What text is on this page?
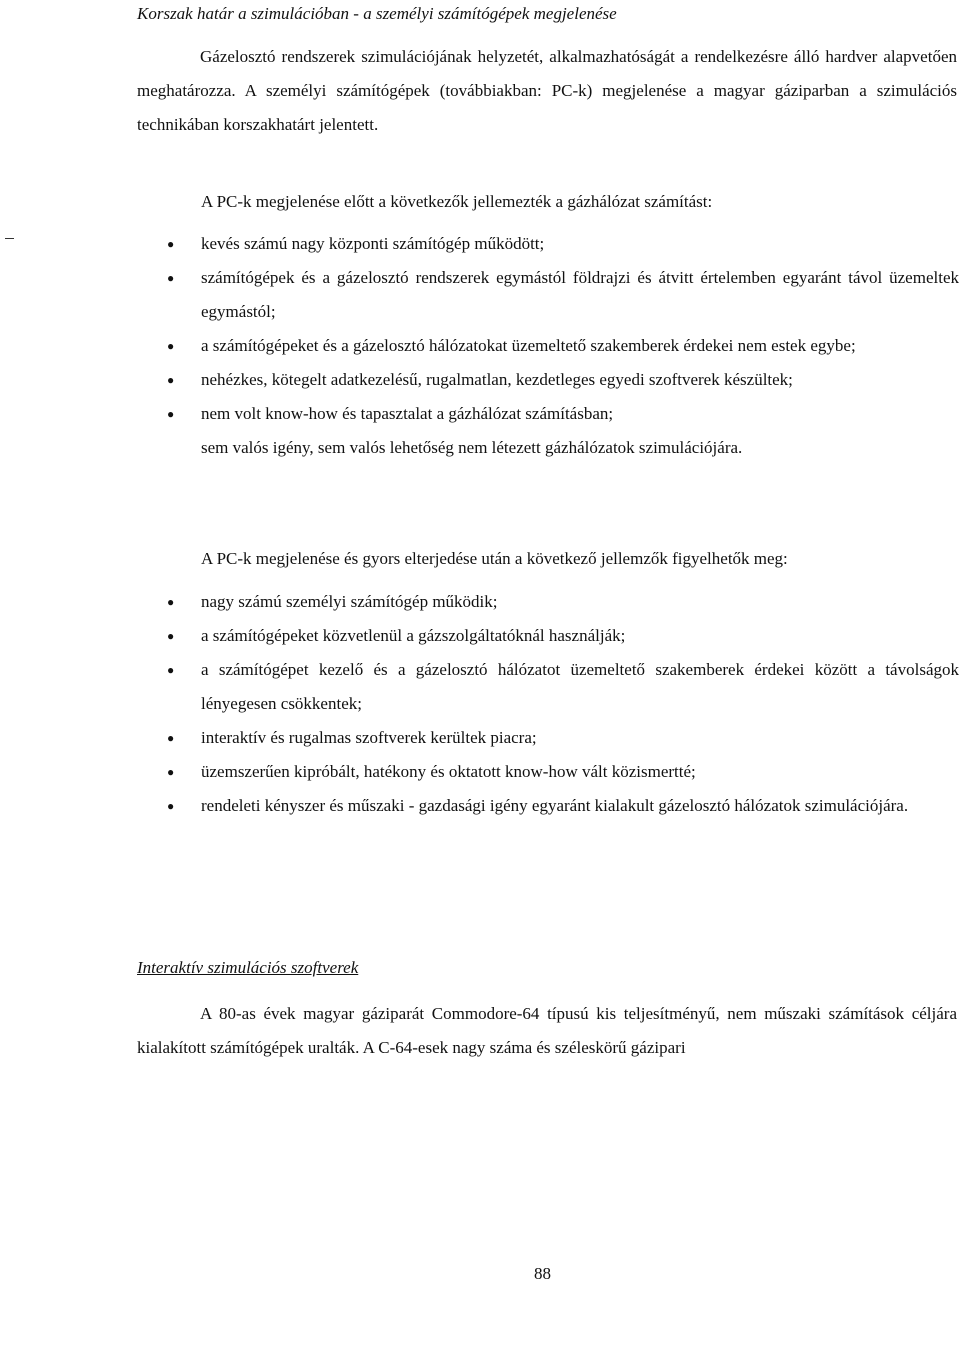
Korszak határ a szimulációban - a személyi számítógépek megjelenése

Gázelosztó rendszerek szimulációjának helyzetét, alkalmazhatóságát a rendelkezésre álló hardver alapvetően meghatározza. A személyi számítógépek (továbbiakban: PC-k) megjelenése a magyar gáziparban a szimulációs technikában korszakhatárt jelentett.

A PC-k megjelenése előtt a következők jellemezték a gázhálózat számítást:

● kevés számú nagy központi számítógép működött;
● számítógépek és a gázelosztó rendszerek egymástól földrajzi és átvitt értelemben egyaránt távol üzemeltek egymástól;
● a számítógépeket és a gázelosztó hálózatokat üzemeltető szakemberek érdekei nem estek egybe;
● nehézkes, kötegelt adatkezelésű, rugalmatlan, kezdetleges egyedi szoftverek készültek;
● nem volt know-how és tapasztalat a gázhálózat számításban;
sem valós igény, sem valós lehetőség nem létezett gázhálózatok szimulációjára.

A PC-k megjelenése és gyors elterjedése után a következő jellemzők figyelhetők meg:

● nagy számú személyi számítógép működik;
● a számítógépeket közvetlenül a gázszolgáltatóknál használják;
● a számítógépet kezelő és a gázelosztó hálózatot üzemeltető szakemberek érdekei között a távolságok lényegesen csökkentek;
● interaktív és rugalmas szoftverek kerültek piacra;
● üzemszerűen kipróbált, hatékony és oktatott know-how vált közismertté;
● rendeleti kényszer és műszaki - gazdasági igény egyaránt kialakult gázelosztó hálózatok szimulációjára.
Interaktív szimulációs szoftverek

A 80-as évek magyar gáziparát Commodore-64 típusú kis teljesítményű, nem műszaki számítások céljára kialakított számítógépek uralták. A C-64-esek nagy száma és széleskörű gázipari

88
